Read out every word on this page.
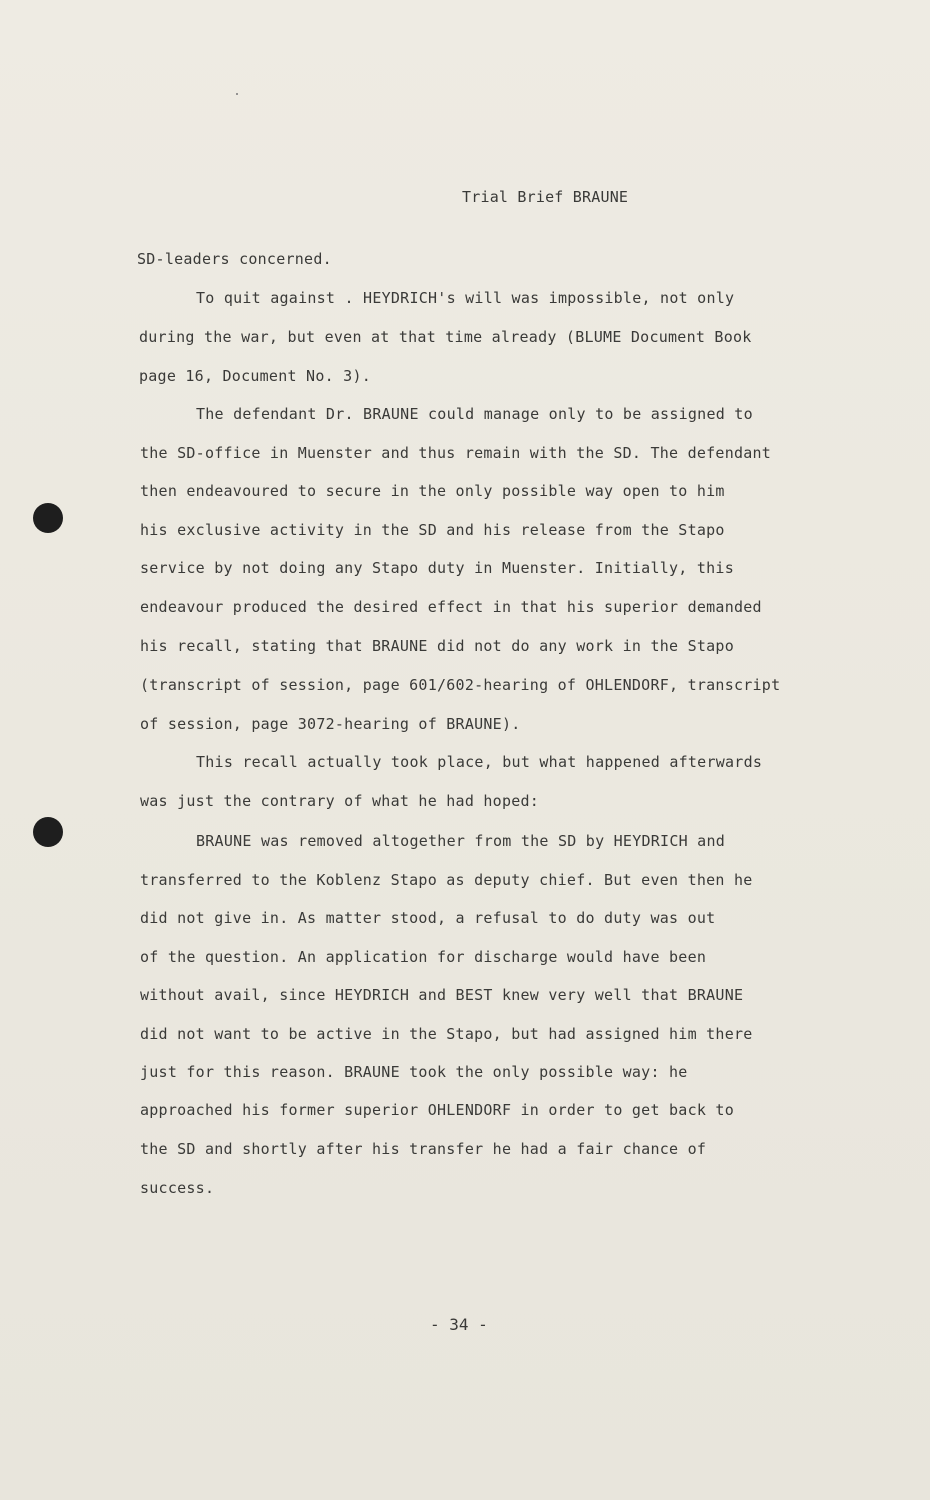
Trial Brief BRAUNE
SD-leaders concerned.
To quit against . HEYDRICH's will was impossible, not only
during the war, but even at that time already (BLUME Document Book
page 16, Document No. 3).
The defendant Dr. BRAUNE could manage only to be assigned to
the SD-office in Muenster and thus remain with the SD. The defendant
then endeavoured to secure in the only possible way open to him
his exclusive activity in the SD and his release from the Stapo
service by not doing any Stapo duty in Muenster. Initially, this
endeavour produced the desired effect in that his superior demanded
his recall, stating that BRAUNE did not do any work in the Stapo
(transcript of session, page 601/602-hearing of OHLENDORF, transcript
of session, page 3072-hearing of BRAUNE).
This recall actually took place, but what happened afterwards
was just the contrary of what he had hoped:
BRAUNE was removed altogether from the SD by HEYDRICH and
transferred to the Koblenz Stapo as deputy chief. But even then he
did not give in. As matter stood, a refusal to do duty was out
of the question. An application for discharge would have been
without avail, since HEYDRICH and BEST knew very well that BRAUNE
did not want to be active in the Stapo, but had assigned him there
just for this reason. BRAUNE took the only possible way: he
approached his former superior OHLENDORF in order to get back to
the SD and shortly after his transfer he had a fair chance of
success.
- 34 -
